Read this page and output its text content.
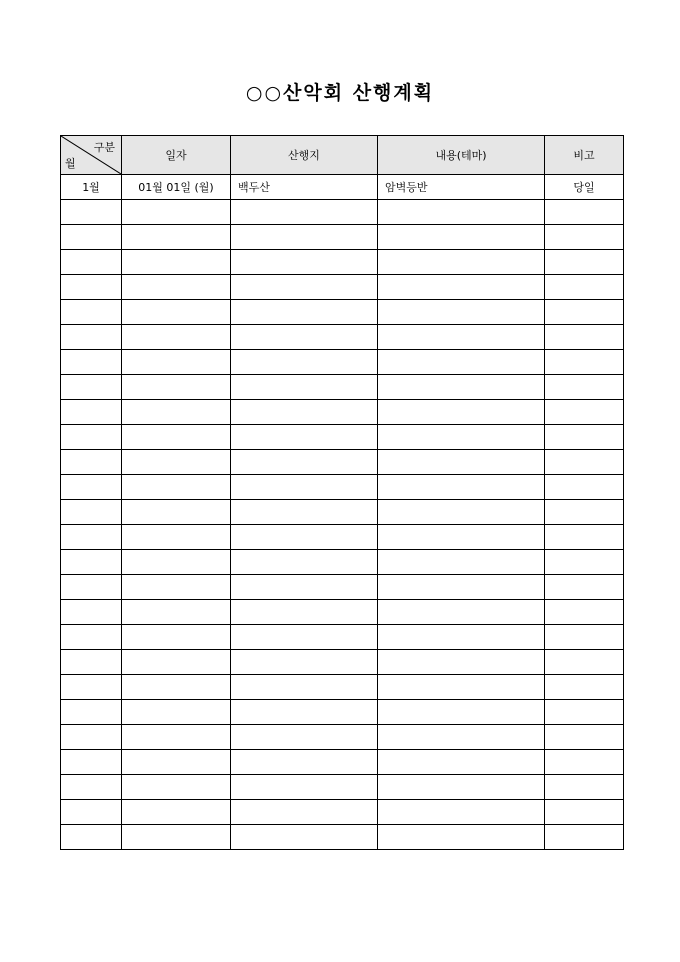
○○산악회 산행계획
구분
월	일자	산행지	내용(테마)	비고
1월	01월 01일 (월)	백두산	암벽등반	당일
